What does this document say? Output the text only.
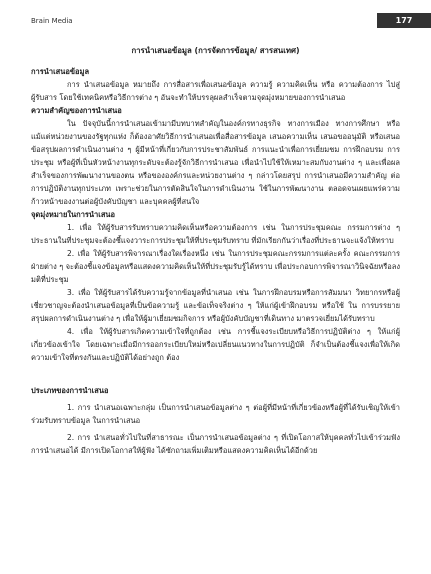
Brain Media	177

การนำเสนอข้อมูล (การจัดการข้อมูล/ สารสนเทศ)

การนำเสนอข้อมูล

การ นำเสนอข้อมูล หมายถึง การสื่อสารเพื่อเสนอข้อมูล ความรู้ ความคิดเห็น หรือ ความต้องการ ไปสู่ผู้รับสาร โดยใช้เทคนิคหรือวิธีการต่าง ๆ อันจะทำให้บรรลุผลสำเร็จตามจุดมุ่งหมายของการนำเสนอ

ความสำคัญของการนำเสนอ

ใน ปัจจุบันนี้การนำเสนอเข้ามามีบทบาทสำคัญในองค์กรทางธุรกิจ ทางการเมือง ทางการศึกษา หรือแม้แต่หน่วยงานของรัฐทุกแห่ง ก็ต้องอาศัยวิธีการนำเสนอเพื่อสื่อสารข้อมูล เสนอความเห็น เสนอขออนุมัติ หรือเสนอข้อสรุปผลการดำเนินงานต่าง ๆ ผู้มีหน้าที่เกี่ยวกับการประชาสัมพันธ์ การแนะนำเพื่อการเยี่ยมชม การฝึกอบรม การประชุม หรือผู้ที่เป็นหัวหน้างานทุกระดับจะต้องรู้จักวิธีการนำเสนอ เพื่อนำไปใช้ให้เหมาะสมกับงานต่าง ๆ และเพื่อผลสำเร็จของการพัฒนางานของตน หรือขององค์กรและหน่วยงานต่าง ๆ กล่าวโดยสรุป การนำเสนอมีความสำคัญ ต่อการปฏิบัติงานทุกประเภท เพราะช่วยในการตัดสินใจในการดำเนินงาน ใช้ในการพัฒนางาน ตลอดจนเผยแพร่ความก้าวหน้าของงานต่อผู้บังคับบัญชา และบุคคลผู้ที่สนใจ

จุดมุ่งหมายในการนำเสนอ

1. เพื่อ ให้ผู้รับสารรับทราบความคิดเห็นหรือความต้องการ เช่น ในการประชุมคณะ กรรมการต่าง ๆ ประธานในที่ประชุมจะต้องชี้แจงวาระการประชุมให้ที่ประชุมรับทราบ ที่มักเรียกกันว่าเรื่องที่ประธานจะแจ้งให้ทราบ

2. เพื่อ ให้ผู้รับสารพิจารณาเรื่องใดเรื่องหนึ่ง เช่น ในการประชุมคณะกรรมการแต่ละครั้ง คณะกรรมการฝ่ายต่าง ๆ จะต้องชี้แจงข้อมูลหรือแสดงความคิดเห็นให้ที่ประชุมรับรู้ได้ทราบ เพื่อประกอบการพิจารณาวินิจฉัยหรือลงมติที่ประชุม

3. เพื่อ ให้ผู้รับสารได้รับความรู้จากข้อมูลที่นำเสนอ เช่น ในการฝึกอบรมหรือการสัมมนา วิทยากรหรือผู้เชี่ยวชาญจะต้องนำเสนอข้อมูลที่เป็นข้อความรู้ และข้อเท็จจริงต่าง ๆ ให้แก่ผู้เข้าฝึกอบรม หรือใช้ ใน การบรรยายสรุปผลการดำเนินงานต่าง ๆ เพื่อให้ผู้มาเยี่ยมชมกิจการ หรือผู้บังคับบัญชาที่เดินทาง มาตรวจเยี่ยมได้รับทราบ

4. เพื่อ ให้ผู้รับสารเกิดความเข้าใจที่ถูกต้อง เช่น การชี้แจงระเบียบหรือวิธีการปฏิบัติต่าง ๆ ให้แก่ผู้เกี่ยวข้องเข้าใจ โดยเฉพาะเมื่อมีการออกระเบียบใหม่หรือเปลี่ยนแนวทางในการปฏิบัติ ก็จำเป็นต้องชี้แจงเพื่อให้เกิดความเข้าใจที่ตรงกันและปฏิบัติได้อย่างถูก ต้อง

ประเภทของการนำเสนอ

1. การ นำเสนอเฉพาะกลุ่ม เป็นการนำเสนอข้อมูลต่าง ๆ ต่อผู้ที่มีหน้าที่เกี่ยวข้องหรือผู้ที่ได้รับเชิญให้เข้าร่วมรับทราบข้อมูล ในการนำเสนอ

2. การ นำเสนอทั่วไปในที่สาธารณะ เป็นการนำเสนอข้อมูลต่าง ๆ ที่เปิดโอกาสให้บุคคลทั่วไปเข้าร่วมฟังการนำเสนอได้ มีการเปิดโอกาสให้ผู้ฟัง ได้ซักถามเพิ่มเติมหรือแสดงความคิดเห็นได้อีกด้วย
